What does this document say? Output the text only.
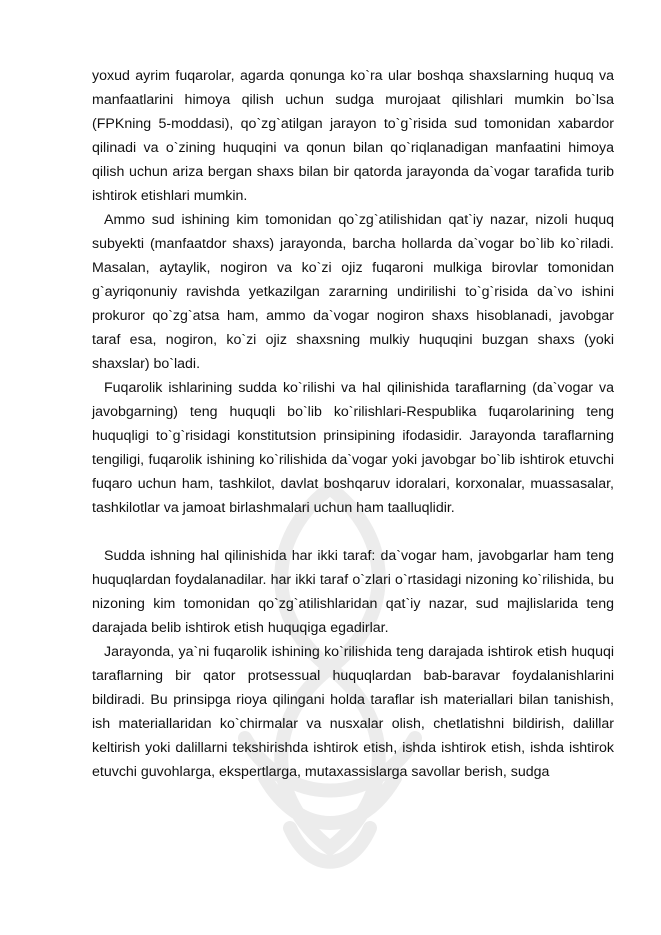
yoxud ayrim fuqarolar, agarda qonunga ko`ra ular boshqa shaxslarning huquq va manfaatlarini himoya qilish uchun sudga murojaat qilishlari mumkin bo`lsa (FPKning 5-moddasi), qo`zg`atilgan jarayon to`g`risida sud tomonidan xabardor qilinadi va o`zining huquqini va qonun bilan qo`riqlanadigan manfaatini himoya qilish uchun ariza bergan shaxs bilan bir qatorda jarayonda da`vogar tarafida turib ishtirok etishlari mumkin.

Ammo sud ishining kim tomonidan qo`zg`atilishidan qat`iy nazar, nizoli huquq subyekti (manfaatdor shaxs) jarayonda, barcha hollarda da`vogar bo`lib ko`riladi. Masalan, aytaylik, nogiron va ko`zi ojiz fuqaroni mulkiga birovlar tomonidan g`ayriqonuniy ravishda yetkazilgan zararning undirilishi to`g`risida da`vo ishini prokuror qo`zg`atsa ham, ammo da`vogar nogiron shaxs hisoblanadi, javobgar taraf esa, nogiron, ko`zi ojiz shaxsning mulkiy huquqini buzgan shaxs (yoki shaxslar) bo`ladi.

Fuqarolik ishlarining sudda ko`rilishi va hal qilinishida taraflarning (da`vogar va javobgarning) teng huquqli bo`lib ko`rilishlari-Respublika fuqarolarining teng huquqligi to`g`risidagi konstitutsion prinsipining ifodasidir. Jarayonda taraflarning tengiligi, fuqarolik ishining ko`rilishida da`vogar yoki javobgar bo`lib ishtirok etuvchi fuqaro uchun ham, tashkilot, davlat boshqaruv idoralari, korxonalar, muassasalar, tashkilotlar va jamoat birlashmalari uchun ham taalluqlidir.

Sudda ishning hal qilinishida har ikki taraf: da`vogar ham, javobgarlar ham teng huquqlardan foydalanadilar. har ikki taraf o`zlari o`rtasidagi nizoning ko`rilishida, bu nizoning kim tomonidan qo`zg`atilishlaridan qat`iy nazar, sud majlislarida teng darajada belib ishtirok etish huquqiga egadirlar.

Jarayonda, ya`ni fuqarolik ishining ko`rilishida teng darajada ishtirok etish huquqi taraflarning bir qator protsessual huquqlardan bab-baravar foydalanishlarini bildiradi. Bu prinsipga rioya qilingani holda taraflar ish materiallari bilan tanishish, ish materiallaridan ko`chirmalar va nusxalar olish, chetlatishni bildirish, dalillar keltirish yoki dalillarni tekshirishda ishtirok etish, ishda ishtirok etish, ishda ishtirok etuvchi guvohlarga, ekspertlarga, mutaxassislarga savollar berish, sudga
